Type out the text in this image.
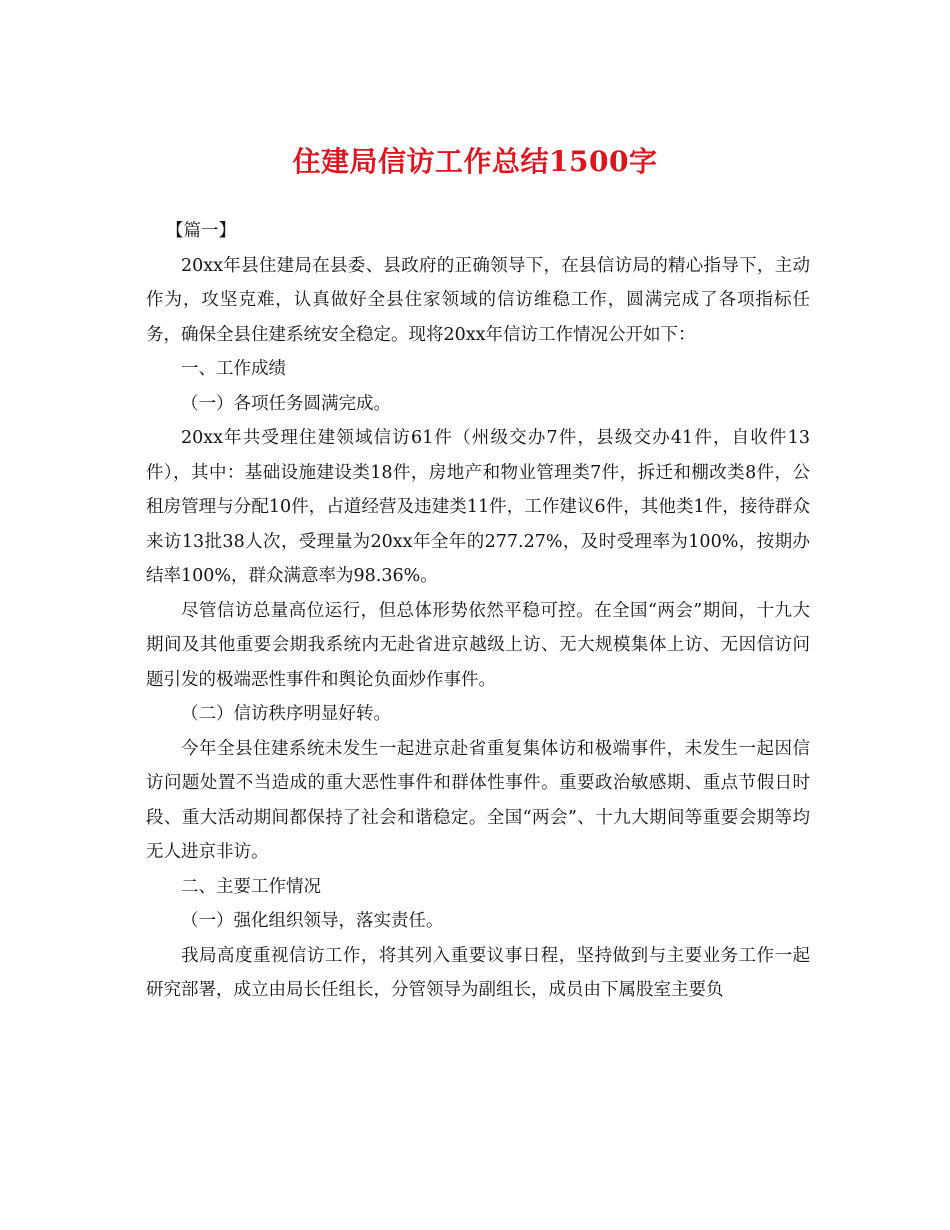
住建局信访工作总结1500字

【篇一】

20xx年县住建局在县委、县政府的正确领导下，在县信访局的精心指导下，主动作为，攻坚克难，认真做好全县住家领域的信访维稳工作，圆满完成了各项指标任务，确保全县住建系统安全稳定。现将20xx年信访工作情况公开如下：

一、工作成绩

（一）各项任务圆满完成。

20xx年共受理住建领域信访61件（州级交办7件，县级交办41件，自收件13件），其中：基础设施建设类18件，房地产和物业管理类7件，拆迁和棚改类8件，公租房管理与分配10件，占道经营及违建类11件，工作建议6件，其他类1件，接待群众来访13批38人次，受理量为20xx年全年的277.27%，及时受理率为100%，按期办结率100%，群众满意率为98.36%。

尽管信访总量高位运行，但总体形势依然平稳可控。在全国“两会”期间，十九大期间及其他重要会期我系统内无赴省进京越级上访、无大规模集体上访、无因信访问题引发的极端恶性事件和舆论负面炒作事件。

（二）信访秩序明显好转。

今年全县住建系统未发生一起进京赴省重复集体访和极端事件，未发生一起因信访问题处置不当造成的重大恶性事件和群体性事件。重要政治敏感期、重点节假日时段、重大活动期间都保持了社会和谐稳定。全国“两会”、十九大期间等重要会期等均无人进京非访。

二、主要工作情况

（一）强化组织领导，落实责任。

我局高度重视信访工作，将其列入重要议事日程，坚持做到与主要业务工作一起研究部署，成立由局长任组长，分管领导为副组长，成员由下属股室主要负
